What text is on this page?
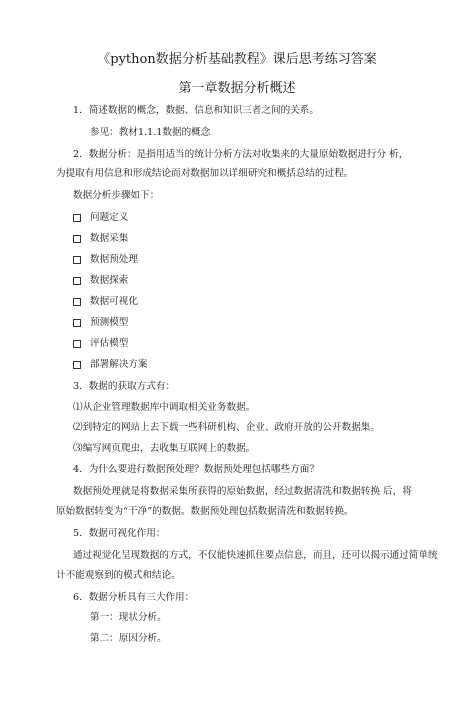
《python数据分析基础教程》课后思考练习答案
第一章数据分析概述
1．简述数据的概念，数据、信息和知识三者之间的关系。
参见：教材1.1.1数据的概念
2．数据分析：是指用适当的统计分析方法对收集来的大量原始数据进行分 析，
为提取有用信息和形成结论而对数据加以详细研究和概括总结的过程。
数据分析步骤如下：
问题定义
数据采集
数据预处理
数据探索
数据可视化
预测模型
评估模型
部署解决方案
3．数据的获取方式有：
⑴从企业管理数据库中调取相关业务数据。
⑵到特定的网站上去下载一些科研机构、企业、政府开放的公开数据集。
⑶编写网页爬虫，去收集互联网上的数据。
4．为什么要进行数据预处理？数据预处理包括哪些方面？
数据预处理就是将数据采集所获得的原始数据，经过数据清洗和数据转换 后，将
原始数据转变为“干净”的数据。数据预处理包括数据清洗和数据转换。
5．数据可视化作用：
通过视觉化呈现数据的方式，不仅能快速抓住要点信息，而且，还可以揭示通过简单统
计不能观察到的模式和结论。
6．数据分析具有三大作用：
第一：现状分析。
第二：原因分析。
